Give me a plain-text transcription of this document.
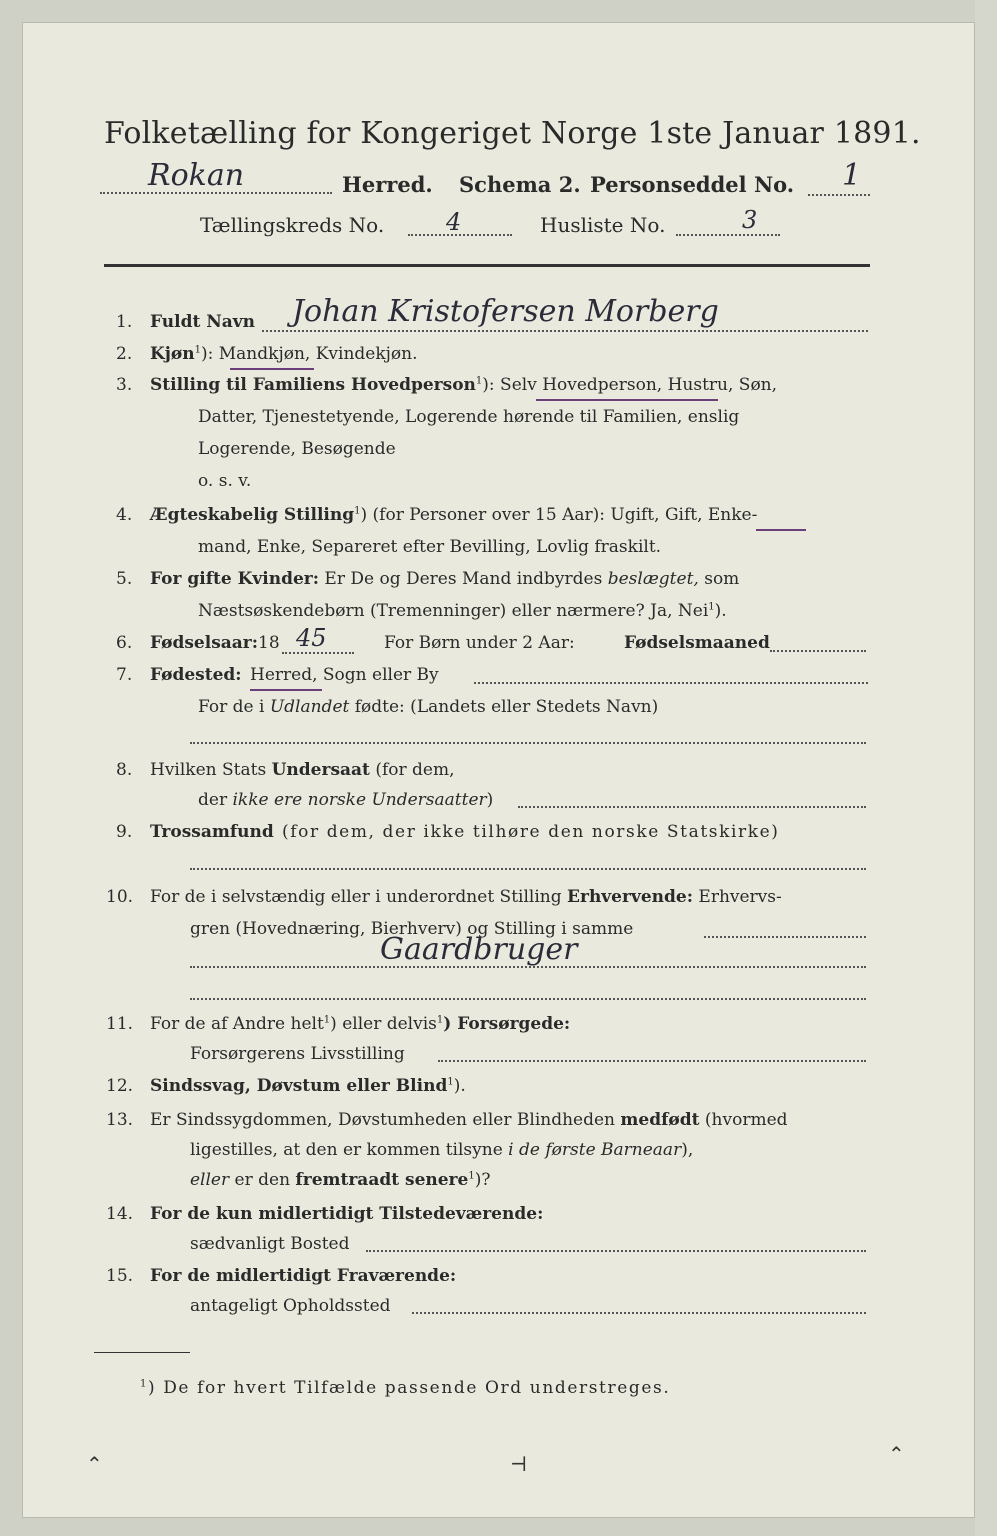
Folketælling for Kongeriget Norge 1ste Januar 1891.
Rokan	Herred. Schema 2. Personseddel No. 1
Tællingskreds No.	4	Husliste No.	3
1. Fuldt Navn Johan Kristofersen Morberg
2. Kjøn$^1$): Mandkjøn, Kvindekjøn.
3. Stilling til Familiens Hovedperson$^1$): Selv Hovedperson, Hustru, Søn,
Datter, Tjenestetyende, Logerende hørende til Familien, enslig
Logerende, Besøgende
o. s. v.
4. Ægteskabelig Stilling$^1$) (for Personer over 15 Aar): Ugift, Gift, Enke-
mand, Enke, Separeret efter Bevilling, Lovlig fraskilt.
5. For gifte Kvinder: Er De og Deres Mand indbyrdes beslægtet, som
Næstsøskendebørn (Tremenninger) eller nærmere? Ja, Nei$^1$).
6. Fødselsaar: 18 45	For Børn under 2 Aar:	Fødselsmaaned
7. Fødested: Herred, Sogn eller By
For de i Udlandet fødte: (Landets eller Stedets Navn)
8. Hvilken Stats Undersaat (for dem,
der ikke ere norske Undersaatter)
9. Trossamfund (for dem, der ikke tilhøre den norske Statskirke)
10. For de i selvstændig eller i underordnet Stilling Erhvervende: Erhvervs-
gren (Hovednæring, Bierhverv) og Stilling i samme
Gaardbruger
11. For de af Andre helt$^1$) eller delvis$^1$) Forsørgede:
Forsørgerens Livsstilling
12. Sindssvag, Døvstum eller Blind$^1$).
13. Er Sindssygdommen, Døvstumheden eller Blindheden medfødt (hvormed
ligestilles, at den er kommen tilsyne i de første Barneaar),
eller er den fremtraadt senere$^1$)?
14. For de kun midlertidigt Tilstedeværende:
sædvanligt Bosted
15. For de midlertidigt Fraværende:
antageligt Opholdssted
$^1$) De for hvert Tilfælde passende Ord understreges.
⌃	⊣	⌃
